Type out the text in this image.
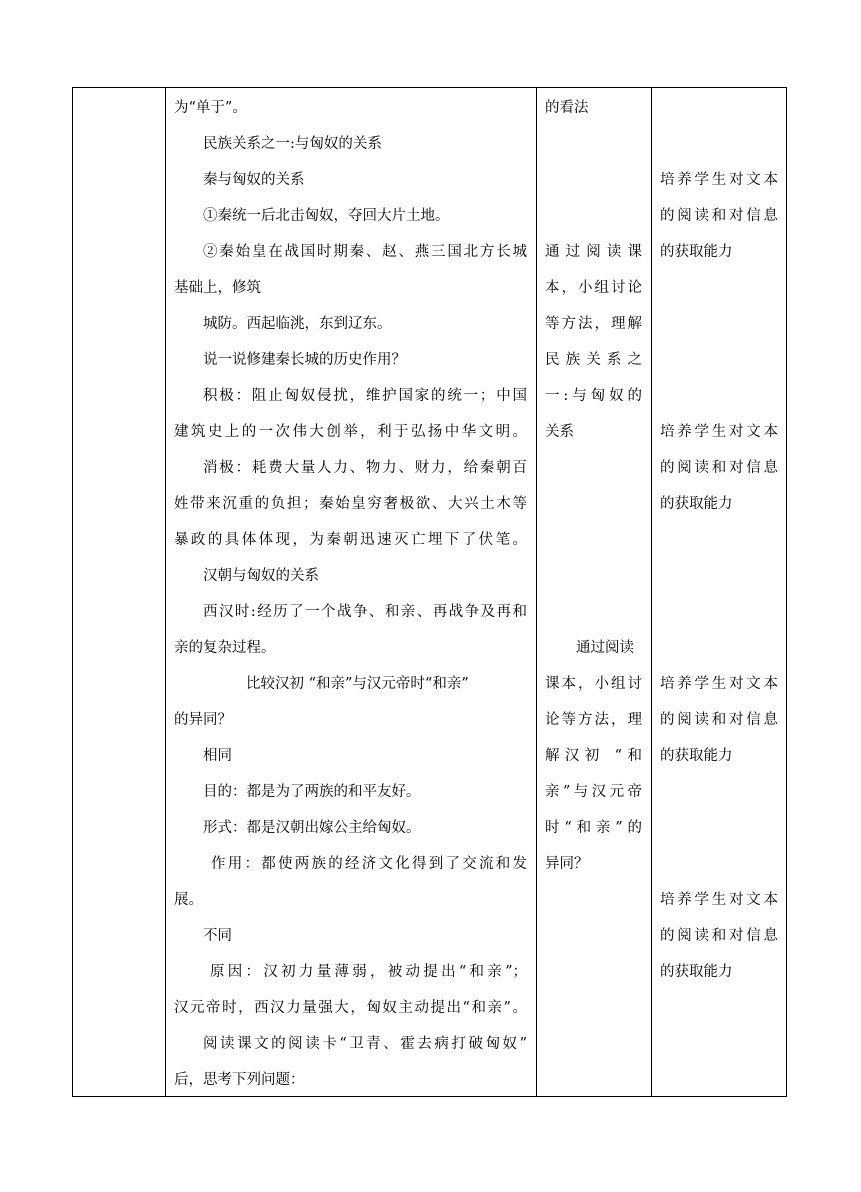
为“单于”。
民族关系之一:与匈奴的关系
秦与匈奴的关系
①秦统一后北击匈奴，夺回大片土地。
②秦始皇在战国时期秦、赵、燕三国北方长城
基础上，修筑
城防。西起临洮，东到辽东。
说一说修建秦长城的历史作用？
积极：阻止匈奴侵扰，维护国家的统一；中国
建筑史上的一次伟大创举，利于弘扬中华文明。
消极：耗费大量人力、物力、财力，给秦朝百
姓带来沉重的负担；秦始皇穷奢极欲、大兴土木等
暴政的具体体现，为秦朝迅速灭亡埋下了伏笔。
汉朝与匈奴的关系
西汉时:经历了一个战争、和亲、再战争及再和
亲的复杂过程。
比较汉初 “和亲”与汉元帝时“和亲”
的异同？
相同
目的：都是为了两族的和平友好。
形式：都是汉朝出嫁公主给匈奴。
作用：都使两族的经济文化得到了交流和发
展。
不同
原因：汉初力量薄弱，被动提出“和亲”；
汉元帝时，西汉力量强大，匈奴主动提出“和亲”。
阅读课文的阅读卡“卫青、霍去病打破匈奴”
后，思考下列问题：
的看法
通过阅读课
本，小组讨论
等方法，理解
民族关系之
一:与匈奴的
关系
通过阅读
课本，小组讨
论等方法，理
解汉初 “和
亲”与汉元帝
时“和亲”的
异同？
培养学生对文本
的阅读和对信息
的获取能力
培养学生对文本
的阅读和对信息
的获取能力
培养学生对文本
的阅读和对信息
的获取能力
培养学生对文本
的阅读和对信息
的获取能力
